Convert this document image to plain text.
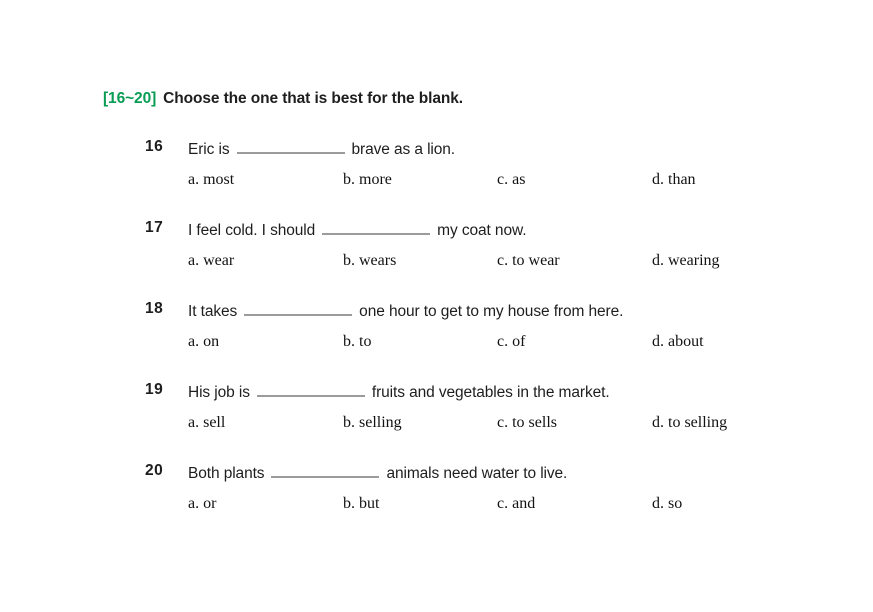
[16~20] Choose the one that is best for the blank.
16 Eric is	brave as a lion.
a. most	b. more	c. as	d. than
17 I feel cold. I should	my coat now.
a. wear	b. wears	c. to wear	d. wearing
18 It takes	one hour to get to my house from here.
a. on	b. to	c. of	d. about
19 His job is	fruits and vegetables in the market.
a. sell	b. selling	c. to sells	d. to selling
20 Both plants	animals need water to live.
a. or	b. but	c. and	d. so
